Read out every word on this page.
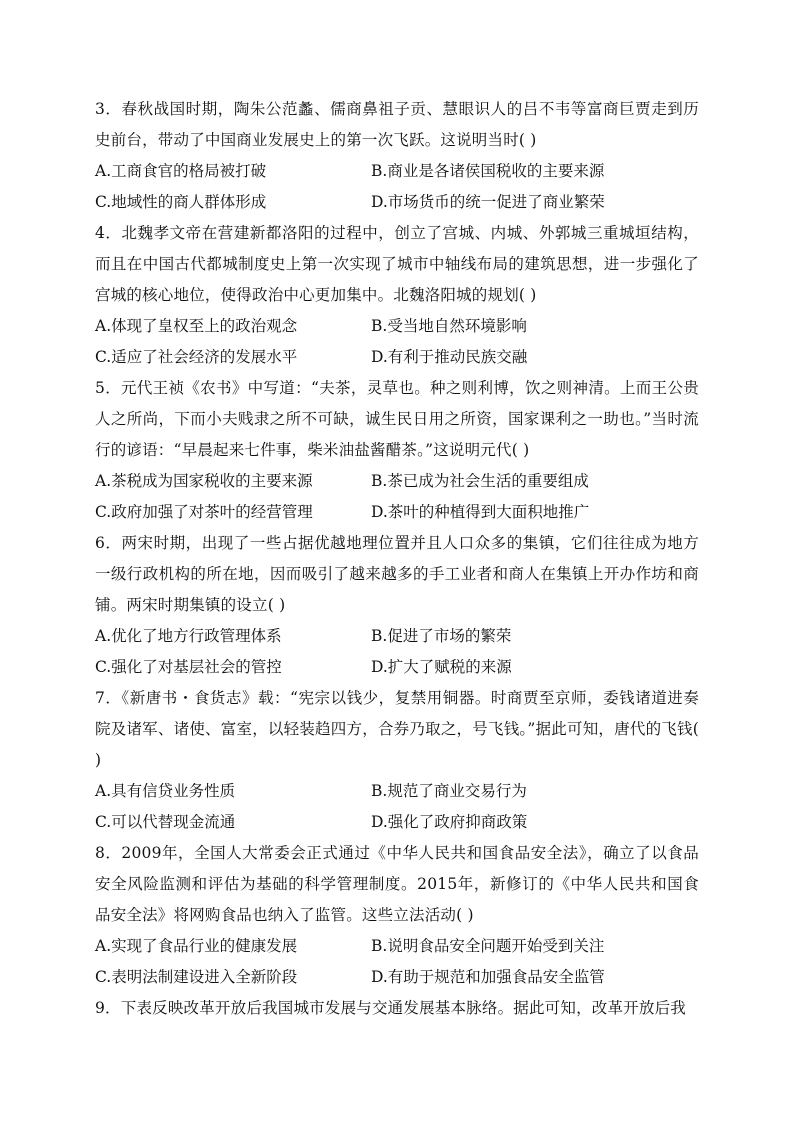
3．春秋战国时期，陶朱公范蠡、儒商鼻祖子贡、慧眼识人的吕不韦等富商巨贾走到历史前台，带动了中国商业发展史上的第一次飞跃。这说明当时( )

A.工商食官的格局被打破	B.商业是各诸侯国税收的主要来源
C.地域性的商人群体形成	D.市场货币的统一促进了商业繁荣

4．北魏孝文帝在营建新都洛阳的过程中，创立了宫城、内城、外郭城三重城垣结构，而且在中国古代都城制度史上第一次实现了城市中轴线布局的建筑思想，进一步强化了宫城的核心地位，使得政治中心更加集中。北魏洛阳城的规划( )

A.体现了皇权至上的政治观念	B.受当地自然环境影响
C.适应了社会经济的发展水平	D.有利于推动民族交融

5．元代王祯《农书》中写道：“夫茶，灵草也。种之则利博，饮之则神清。上而王公贵人之所尚，下而小夫贱隶之所不可缺，诚生民日用之所资，国家课利之一助也。”当时流行的谚语：“早晨起来七件事，柴米油盐酱醋茶。”这说明元代( )

A.茶税成为国家税收的主要来源	B.茶已成为社会生活的重要组成
C.政府加强了对茶叶的经营管理	D.茶叶的种植得到大面积地推广

6．两宋时期，出现了一些占据优越地理位置并且人口众多的集镇，它们往往成为地方一级行政机构的所在地，因而吸引了越来越多的手工业者和商人在集镇上开办作坊和商铺。两宋时期集镇的设立( )

A.优化了地方行政管理体系	B.促进了市场的繁荣
C.强化了对基层社会的管控	D.扩大了赋税的来源

7．《新唐书・食货志》载：“宪宗以钱少，复禁用铜器。时商贾至京师，委钱诸道进奏院及诸军、诸使、富室，以轻装趋四方，合券乃取之，号飞钱。”据此可知，唐代的飞钱( )

A.具有信贷业务性质	B.规范了商业交易行为
C.可以代替现金流通	D.强化了政府抑商政策

8．2009年，全国人大常委会正式通过《中华人民共和国食品安全法》，确立了以食品安全风险监测和评估为基础的科学管理制度。2015年，新修订的《中华人民共和国食品安全法》将网购食品也纳入了监管。这些立法活动( )

A.实现了食品行业的健康发展	B.说明食品安全问题开始受到关注
C.表明法制建设进入全新阶段	D.有助于规范和加强食品安全监管

9．下表反映改革开放后我国城市发展与交通发展基本脉络。据此可知，改革开放后我
